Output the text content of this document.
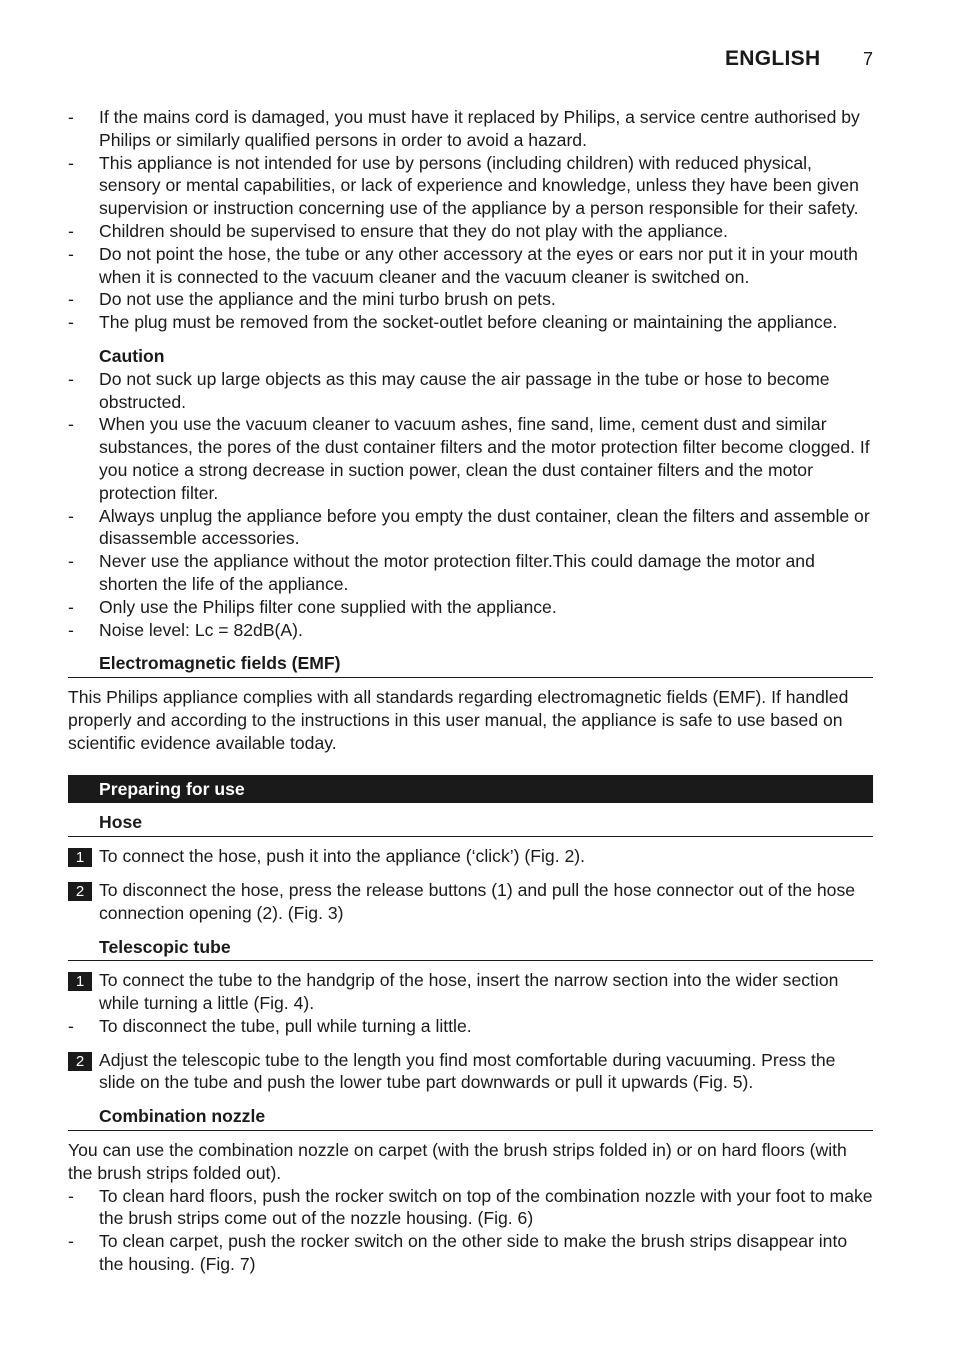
ENGLISH 7
- If the mains cord is damaged, you must have it replaced by Philips, a service centre authorised by Philips or similarly qualified persons in order to avoid a hazard.
- This appliance is not intended for use by persons (including children) with reduced physical, sensory or mental capabilities, or lack of experience and knowledge, unless they have been given supervision or instruction concerning use of the appliance by a person responsible for their safety.
- Children should be supervised to ensure that they do not play with the appliance.
- Do not point the hose, the tube or any other accessory at the eyes or ears nor put it in your mouth when it is connected to the vacuum cleaner and the vacuum cleaner is switched on.
- Do not use the appliance and the mini turbo brush on pets.
- The plug must be removed from the socket-outlet before cleaning or maintaining the appliance.
Caution
- Do not suck up large objects as this may cause the air passage in the tube or hose to become obstructed.
- When you use the vacuum cleaner to vacuum ashes, fine sand, lime, cement dust and similar substances, the pores of the dust container filters and the motor protection filter become clogged. If you notice a strong decrease in suction power, clean the dust container filters and the motor protection filter.
- Always unplug the appliance before you empty the dust container, clean the filters and assemble or disassemble accessories.
- Never use the appliance without the motor protection filter.This could damage the motor and shorten the life of the appliance.
- Only use the Philips filter cone supplied with the appliance.
- Noise level: Lc = 82dB(A).
Electromagnetic fields (EMF)

This Philips appliance complies with all standards regarding electromagnetic fields (EMF). If handled properly and according to the instructions in this user manual, the appliance is safe to use based on scientific evidence available today.

Preparing for use
Hose
1 To connect the hose, push it into the appliance (‘click’) (Fig. 2).
2 To disconnect the hose, press the release buttons (1) and pull the hose connector out of the hose connection opening (2). (Fig. 3)
Telescopic tube
1 To connect the tube to the handgrip of the hose, insert the narrow section into the wider section while turning a little (Fig. 4).
- To disconnect the tube, pull while turning a little.
2 Adjust the telescopic tube to the length you find most comfortable during vacuuming. Press the slide on the tube and push the lower tube part downwards or pull it upwards (Fig. 5).
Combination nozzle

You can use the combination nozzle on carpet (with the brush strips folded in) or on hard floors (with the brush strips folded out).

- To clean hard floors, push the rocker switch on top of the combination nozzle with your foot to make the brush strips come out of the nozzle housing. (Fig. 6)
- To clean carpet, push the rocker switch on the other side to make the brush strips disappear into the housing. (Fig. 7)
